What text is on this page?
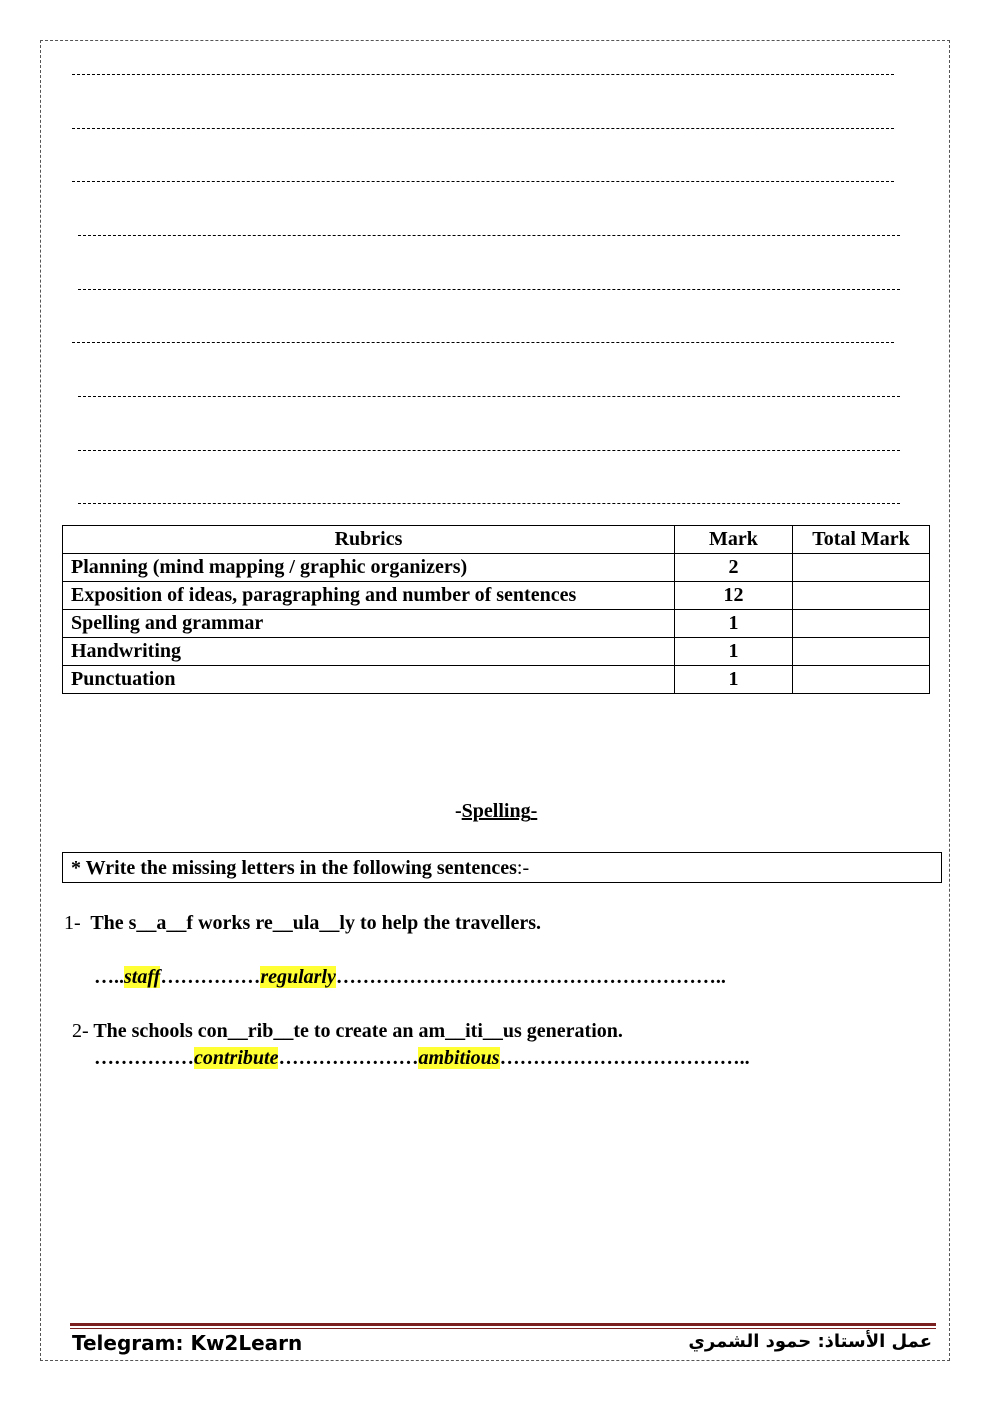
Rubrics	Mark	Total Mark
Planning (mind mapping / graphic organizers)	2	
Exposition of ideas, paragraphing and number of sentences	12	
Spelling and grammar	1	
Handwriting	1	
Punctuation	1	
-Spelling-
* Write the missing letters in the following sentences:-
1- The s__a__f works re__ula__ly to help the travellers.
…..staff……………regularly…………………………………………………..
2- The schools con__rib__te to create an am__iti__us generation.
……………contribute…………………ambitious………………………………..
Telegram: Kw2Learn	عمل الأستاذ: حمود الشمري
